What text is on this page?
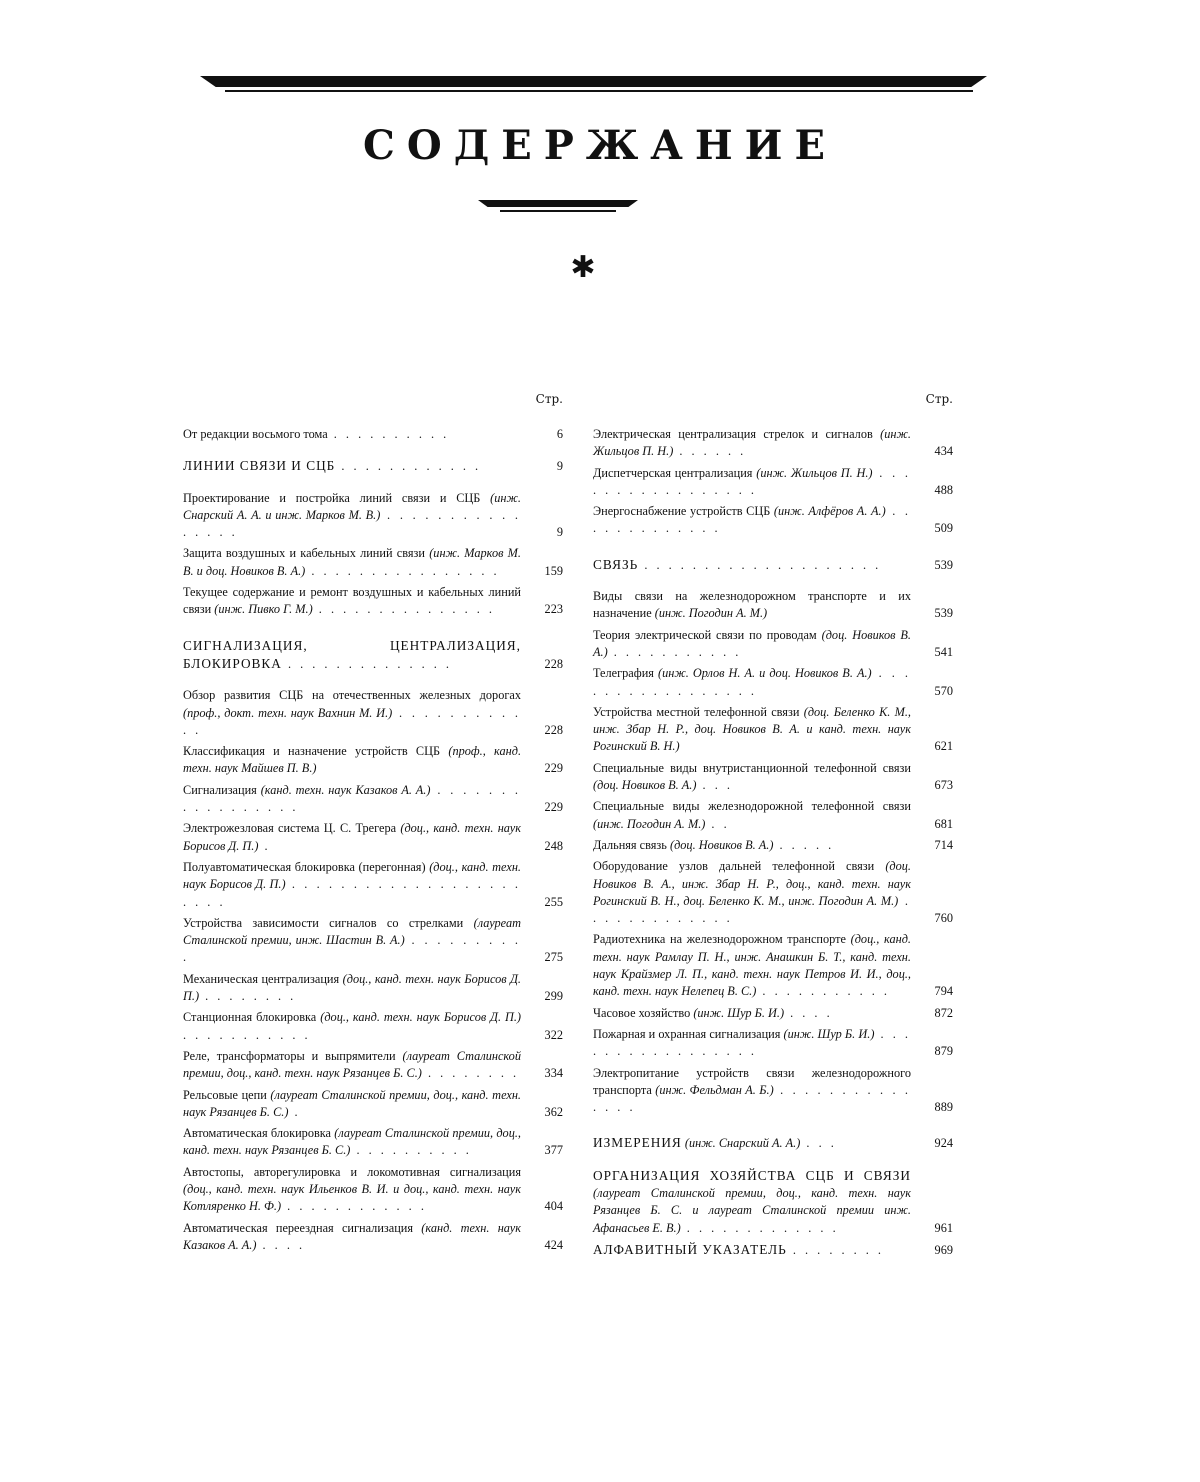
СОДЕРЖАНИЕ
✱
Стр.
От редакции восьмого тома . . . . . . . . . .	6
ЛИНИИ СВЯЗИ И СЦБ . . . . . . . . . . . .	9
Проектирование и постройка линий связи и СЦБ (инж. Снарский А. А. и инж. Марков М. В.) . . . . . . . . . . . . . . . .	9
Защита воздушных и кабельных линий связи (инж. Марков М. В. и доц. Новиков В. А.) . . . . . . . . . . . . . . . .	159
Текущее содержание и ремонт воздушных и кабельных линий связи (инж. Пивко Г. М.) . . . . . . . . . . . . . . .	223
СИГНАЛИЗАЦИЯ, ЦЕНТРАЛИЗАЦИЯ, БЛОКИРОВКА . . . . . . . . . . . . . .	228
Обзор развития СЦБ на отечественных железных дорогах (проф., докт. техн. наук Вахнин М. И.) . . . . . . . . . . . .	228
Классификация и назначение устройств СЦБ (проф., канд. техн. наук Майшев П. В.)	229
Сигнализация (канд. техн. наук Казаков А. А.) . . . . . . . . . . . . . . . . .	229
Электрожезловая система Ц. С. Трегера (доц., канд. техн. наук Борисов Д. П.) .	248
Полуавтоматическая блокировка (перегонная) (доц., канд. техн. наук Борисов Д. П.) . . . . . . . . . . . . . . . . . . . . . . .	255
Устройства зависимости сигналов со стрелками (лауреат Сталинской премии, инж. Шастин В. А.) . . . . . . . . . .	275
Механическая централизация (доц., канд. техн. наук Борисов Д. П.) . . . . . . . .	299
Станционная блокировка (доц., канд. техн. наук Борисов Д. П.) . . . . . . . . . . .	322
Реле, трансформаторы и выпрямители (лауреат Сталинской премии, доц., канд. техн. наук Рязанцев Б. С.) . . . . . . . .	334
Рельсовые цепи (лауреат Сталинской премии, доц., канд. техн. наук Рязанцев Б. С.) .	362
Автоматическая блокировка (лауреат Сталинской премии, доц., канд. техн. наук Рязанцев Б. С.) . . . . . . . . . .	377
Автостопы, авторегулировка и локомотивная сигнализация (доц., канд. техн. наук Ильенков В. И. и доц., канд. техн. наук Котляренко Н. Ф.) . . . . . . . . . . . .	404
Автоматическая переездная сигнализация (канд. техн. наук Казаков А. А.) . . . .	424
Стр.
Электрическая централизация стрелок и сигналов (инж. Жильцов П. Н.) . . . . . .	434
Диспетчерская централизация (инж. Жильцов П. Н.) . . . . . . . . . . . . . . . . .	488
Энергоснабжение устройств СЦБ (инж. Алфёров А. А.) . . . . . . . . . . . . .	509
СВЯЗЬ . . . . . . . . . . . . . . . . . . . .	539
Виды связи на железнодорожном транспорте и их назначение (инж. Погодин А. М.)	539
Теория электрической связи по проводам (доц. Новиков В. А.) . . . . . . . . . . .	541
Телеграфия (инж. Орлов Н. А. и доц. Новиков В. А.) . . . . . . . . . . . . . . . . .	570
Устройства местной телефонной связи (доц. Беленко К. М., инж. Збар Н. Р., доц. Новиков В. А. и канд. техн. наук Рогинский В. Н.)	621
Специальные виды внутристанционной телефонной связи (доц. Новиков В. А.) . . .	673
Специальные виды железнодорожной телефонной связи (инж. Погодин А. М.) . .	681
Дальняя связь (доц. Новиков В. А.) . . . . .	714
Оборудование узлов дальней телефонной связи (доц. Новиков В. А., инж. Збар Н. Р., доц., канд. техн. наук Рогинский В. Н., доц. Беленко К. М., инж. Погодин А. М.) . . . . . . . . . . . . .	760
Радиотехника на железнодорожном транспорте (доц., канд. техн. наук Рамлау П. Н., инж. Анашкин Б. Т., канд. техн. наук Крайзмер Л. П., канд. техн. наук Петров И. И., доц., канд. техн. наук Нелепец В. С.) . . . . . . . . . . .	794
Часовое хозяйство (инж. Шур Б. И.) . . . .	872
Пожарная и охранная сигнализация (инж. Шур Б. И.) . . . . . . . . . . . . . . . . .	879
Электропитание устройств связи железнодорожного транспорта (инж. Фельдман А. Б.) . . . . . . . . . . . . . . .	889
ИЗМЕРЕНИЯ (инж. Снарский А. А.) . . .	924
ОРГАНИЗАЦИЯ ХОЗЯЙСТВА СЦБ И СВЯЗИ (лауреат Сталинской премии, доц., канд. техн. наук Рязанцев Б. С. и лауреат Сталинской премии инж. Афанасьев Е. В.) . . . . . . . . . . . . .	961
АЛФАВИТНЫЙ УКАЗАТЕЛЬ . . . . . . . .	969
